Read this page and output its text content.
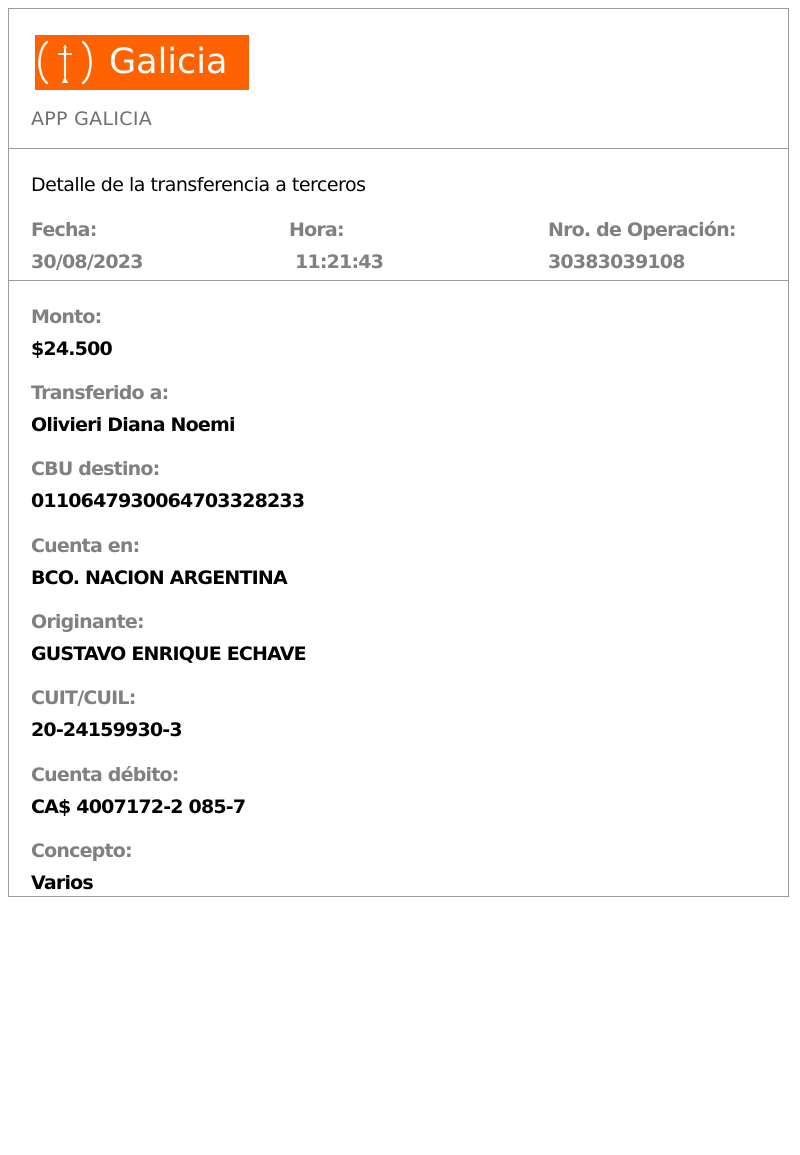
Galicia
APP GALICIA
Detalle de la transferencia a terceros
Fecha:
30/08/2023
Hora:
11:21:43
Nro. de Operación:
30383039108
Monto:
$24.500
Transferido a:
Olivieri Diana Noemi
CBU destino:
0110647930064703328233
Cuenta en:
BCO. NACION ARGENTINA
Originante:
GUSTAVO ENRIQUE ECHAVE
CUIT/CUIL:
20-24159930-3
Cuenta débito:
CA$ 4007172-2 085-7
Concepto:
Varios
